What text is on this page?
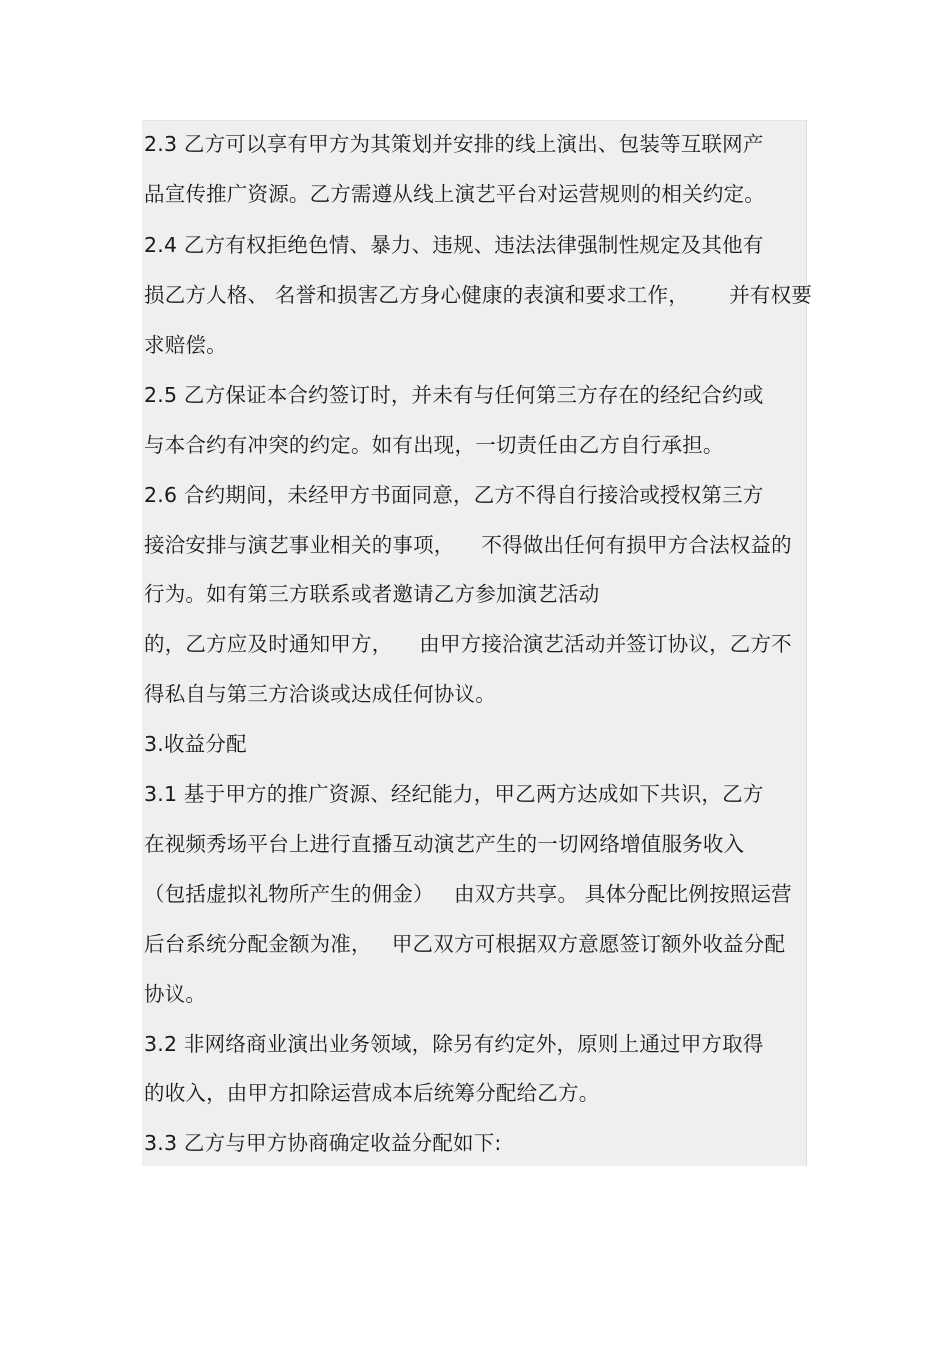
2.3 乙方可以享有甲方为其策划并安排的线上演出、包装等互联网产
品宣传推广资源。乙方需遵从线上演艺平台对运营规则的相关约定。
2.4 乙方有权拒绝色情、暴力、违规、违法法律强制性规定及其他有
损乙方人格、 名誉和损害乙方身心健康的表演和要求工作，      并有权要
求赔偿。
2.5 乙方保证本合约签订时，并未有与任何第三方存在的经纪合约或
与本合约有冲突的约定。如有出现，一切责任由乙方自行承担。
2.6 合约期间，未经甲方书面同意，乙方不得自行接洽或授权第三方
接洽安排与演艺事业相关的事项，    不得做出任何有损甲方合法权益的
行为。如有第三方联系或者邀请乙方参加演艺活动
的，乙方应及时通知甲方，    由甲方接洽演艺活动并签订协议，乙方不
得私自与第三方洽谈或达成任何协议。
3.收益分配
3.1 基于甲方的推广资源、经纪能力，甲乙两方达成如下共识，乙方
在视频秀场平台上进行直播互动演艺产生的一切网络增值服务收入
（包括虚拟礼物所产生的佣金）   由双方共享。 具体分配比例按照运营
后台系统分配金额为准，   甲乙双方可根据双方意愿签订额外收益分配
协议。
3.2 非网络商业演出业务领域，除另有约定外，原则上通过甲方取得
的收入，由甲方扣除运营成本后统筹分配给乙方。
3.3 乙方与甲方协商确定收益分配如下:
